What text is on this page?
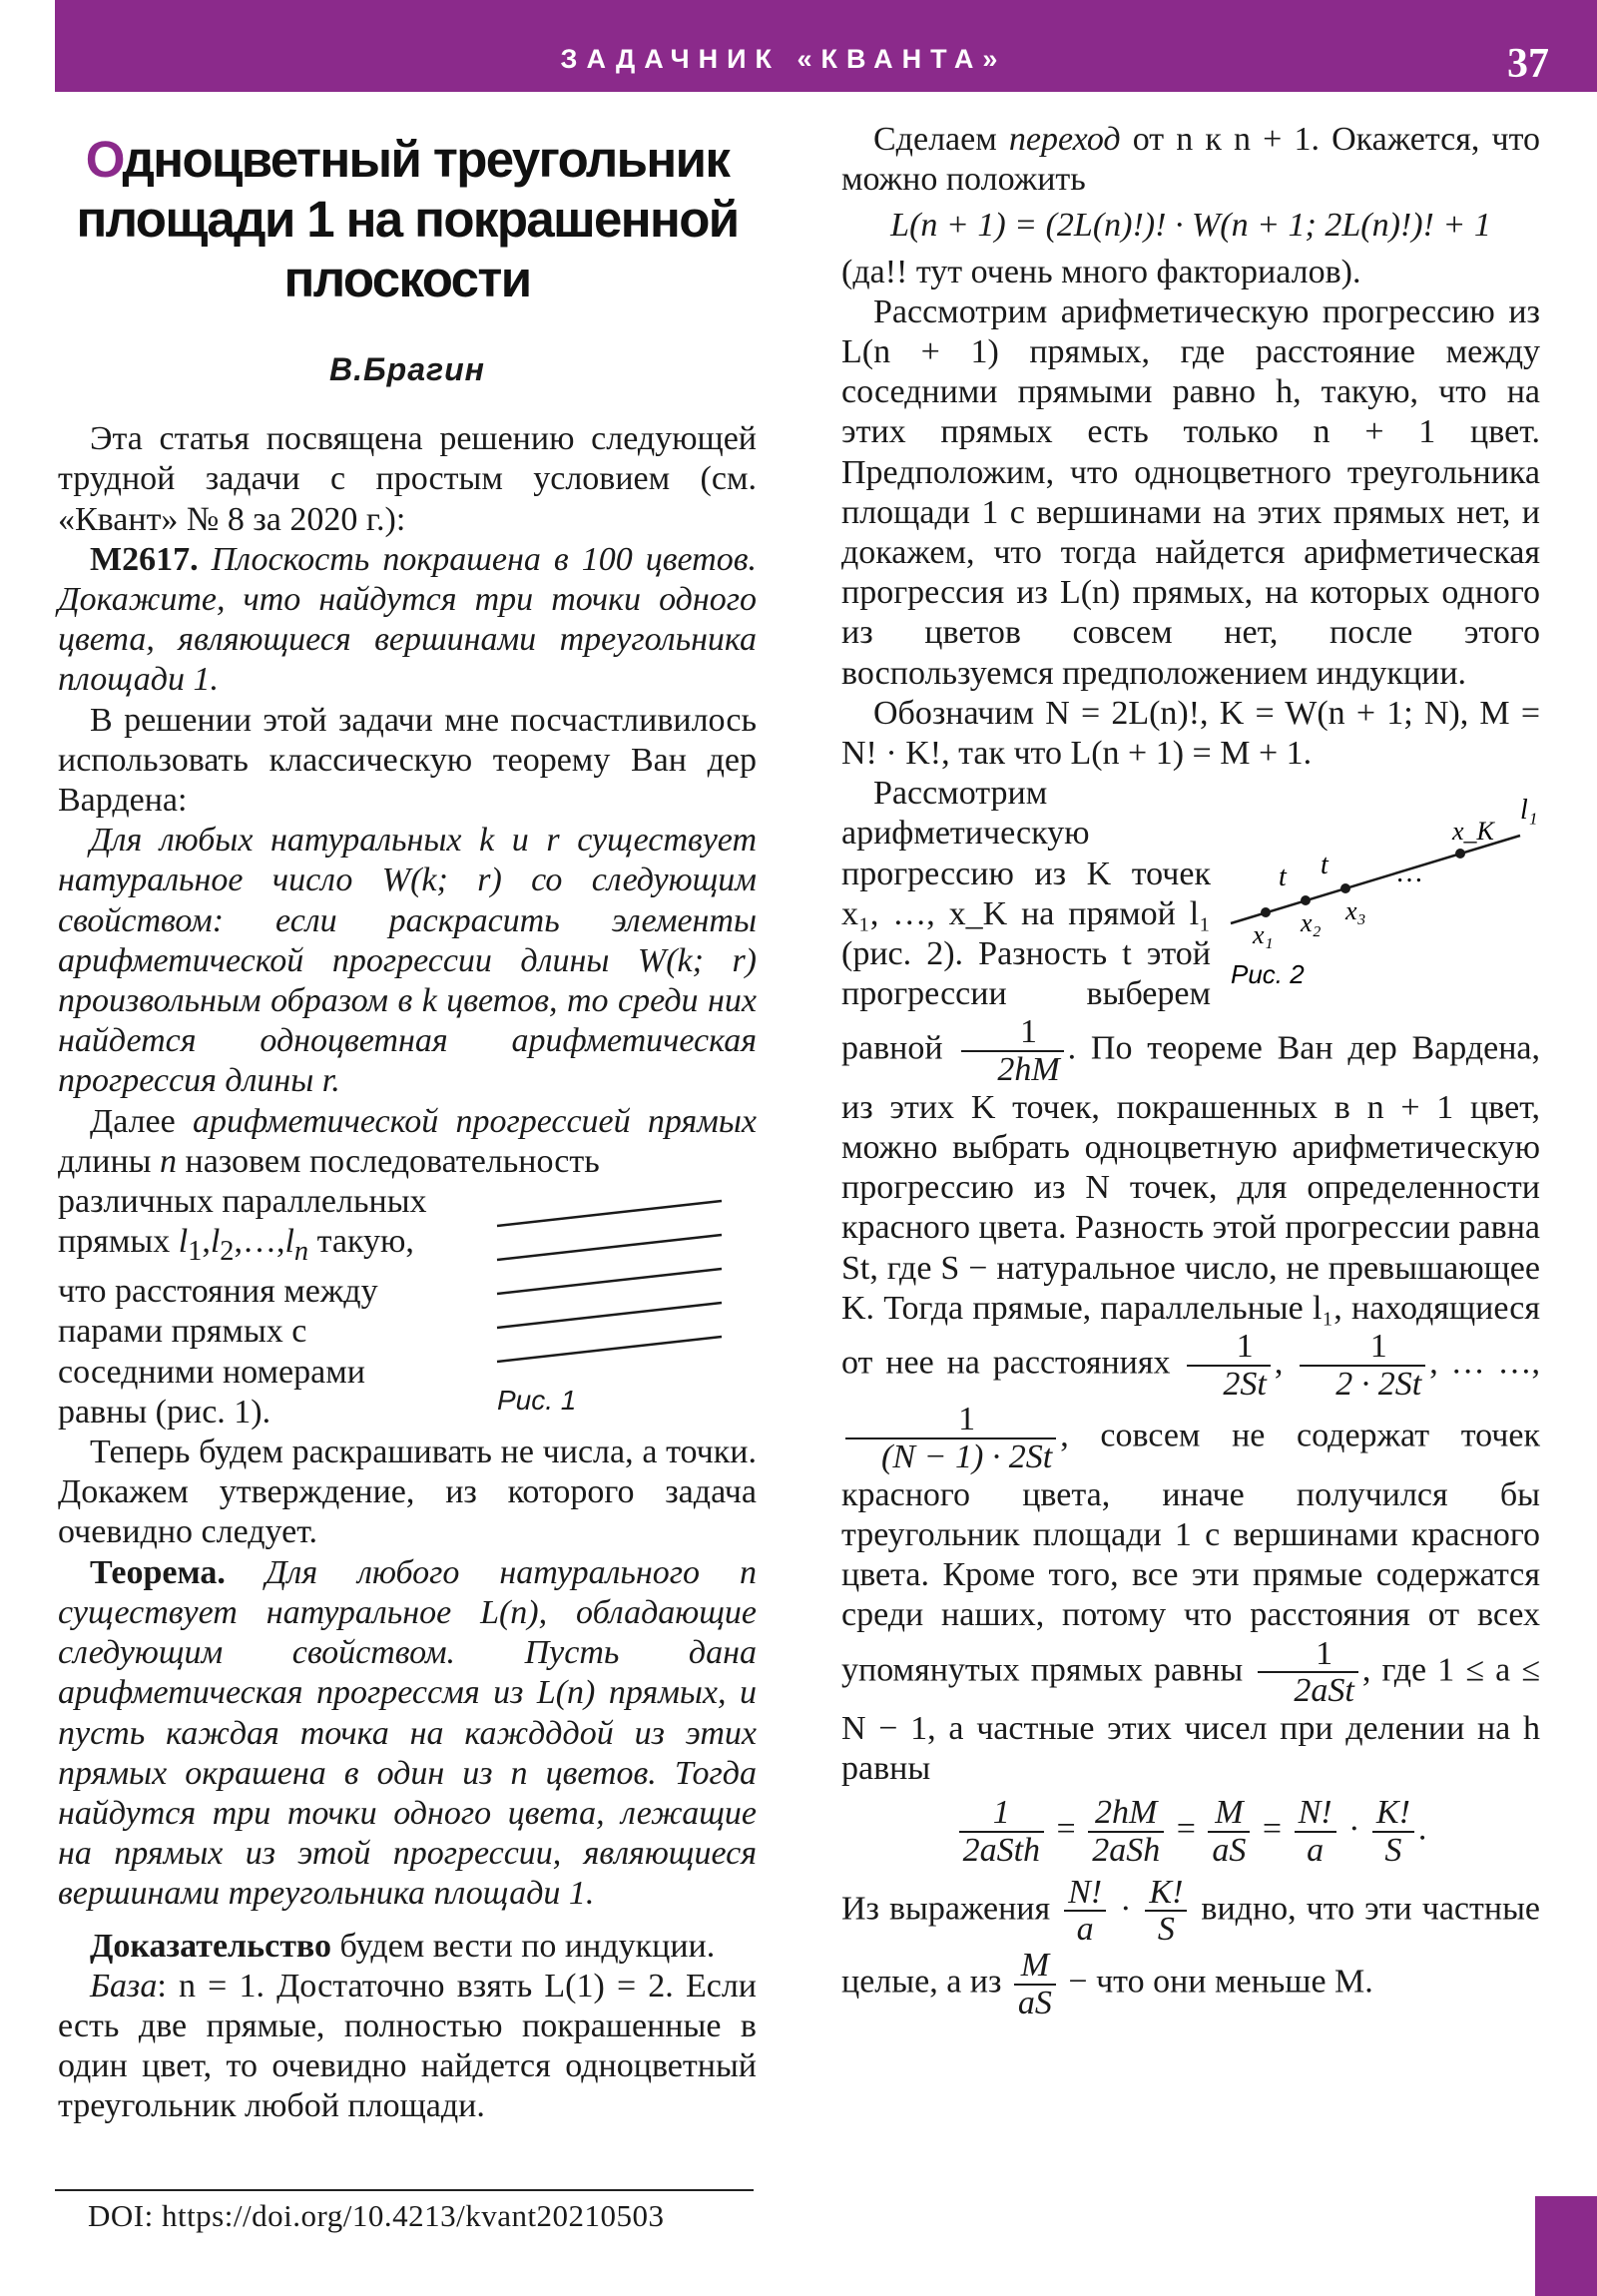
ЗАДАЧНИК «КВАНТА»	37
Одноцветный треугольник площади 1 на покрашенной плоскости
В.Брагин

Эта статья посвящена решению следующей трудной задачи с простым условием (см. «Квант» № 8 за 2020 г.):

М2617. Плоскость покрашена в 100 цветов. Докажите, что найдутся три точки одного цвета, являющиеся вершинами треугольника площади 1.

В решении этой задачи мне посчастливилось использовать классическую теорему Ван дер Вардена:

Для любых натуральных k и r существует натуральное число W(k; r) со следующим свойством: если раскрасить элементы арифметической прогрессии длины W(k; r) произвольным образом в k цветов, то среди них найдется одноцветная арифметическая прогрессия длины r.

Далее арифметической прогрессией прямых длины n назовем последовательность

Рис. 1

различных параллельных прямых $l_1,l_2,\dots,l_n$ такую, что расстояния между парами прямых с соседними номерами равны (рис. 1).

Теперь будем раскрашивать не числа, а точки. Докажем утверждение, из которого задача очевидно следует.

Теорема. Для любого натурального n существует натуральное L(n), обладающие следующим свойством. Пусть дана арифметическая прогрессмя из L(n) прямых, и пусть каждая точка на каждддой из этих прямых окрашена в один из n цветов. Тогда найдутся три точки одного цвета, лежащие на прямых из этой прогрессии, являющиеся вершинами треугольника площади 1.

Доказательство будем вести по индукции.

База: n = 1. Достаточно взять L(1) = 2. Если есть две прямые, полностью покрашенные в один цвет, то очевидно найдется одноцветный треугольник любой площади.

DOI: https://doi.org/10.4213/kvant20210503

Сделаем переход от n к n + 1. Окажется, что можно положить

L(n + 1) = (2L(n)!)! · W(n + 1; 2L(n)!)! + 1

(да!! тут очень много факториалов).

Рассмотрим арифметическую прогрессию из L(n + 1) прямых, где расстояние между соседними прямыми равно h, такую, что на этих прямых есть только n + 1 цвет. Предположим, что одноцветного треугольника площади 1 с вершинами на этих прямых нет, и докажем, что тогда найдется арифметическая прогрессия из L(n) прямых, на которых одного из цветов совсем нет, после этого воспользуемся предположением индукции.

Обозначим N = 2L(n)!, K = W(n + 1; N), M = N! · K!, так что L(n + 1) = M + 1.

l₁
t t
x₁ x₂ x₃
…
x_K
Рис. 2

Рассмотрим арифметическую прогрессию из K точек x₁, …, x_K на прямой l₁ (рис. 2). Разность t этой прогрессии выберем равной $\frac{1}{2hM}$ . По теореме Ван дер Вардена, из этих K точек, покрашенных в n + 1 цвет, можно выбрать одноцветную арифметическую прогрессию из N точек, для определенности красного цвета. Разность этой прогрессии равна St, где S − натуральное число, не превышающее K. Тогда прямые, параллельные l₁, находящиеся от нее на расстояниях $\frac{1}{2St}$ , $\frac{1}{2 \cdot 2St}$ , … …,
$\frac{1}{(N - 1) \cdot 2St}$ , совсем не содержат точек красного цвета, иначе получился бы треугольник площади 1 с вершинами красного цвета. Кроме того, все эти прямые содержатся среди наших, потому что расстояния от всех упомянутых прямых равны $\frac{1}{\text{2aSt}}$ , где 1 ≤ a ≤ N − 1, а частные этих чисел при делении на h равны

$\frac{1}{\text{2aSth}} = \frac{2hM}{\text{2aSh}} = \frac{M}{aS} = \frac{N!}{a} \cdot \frac{K!}{S}$ .

Из выражения $\frac{N!}{a} \cdot \frac{K!}{S}$ видно, что эти частные целые, а из $\frac{M}{aS}$ − что они меньше M.
